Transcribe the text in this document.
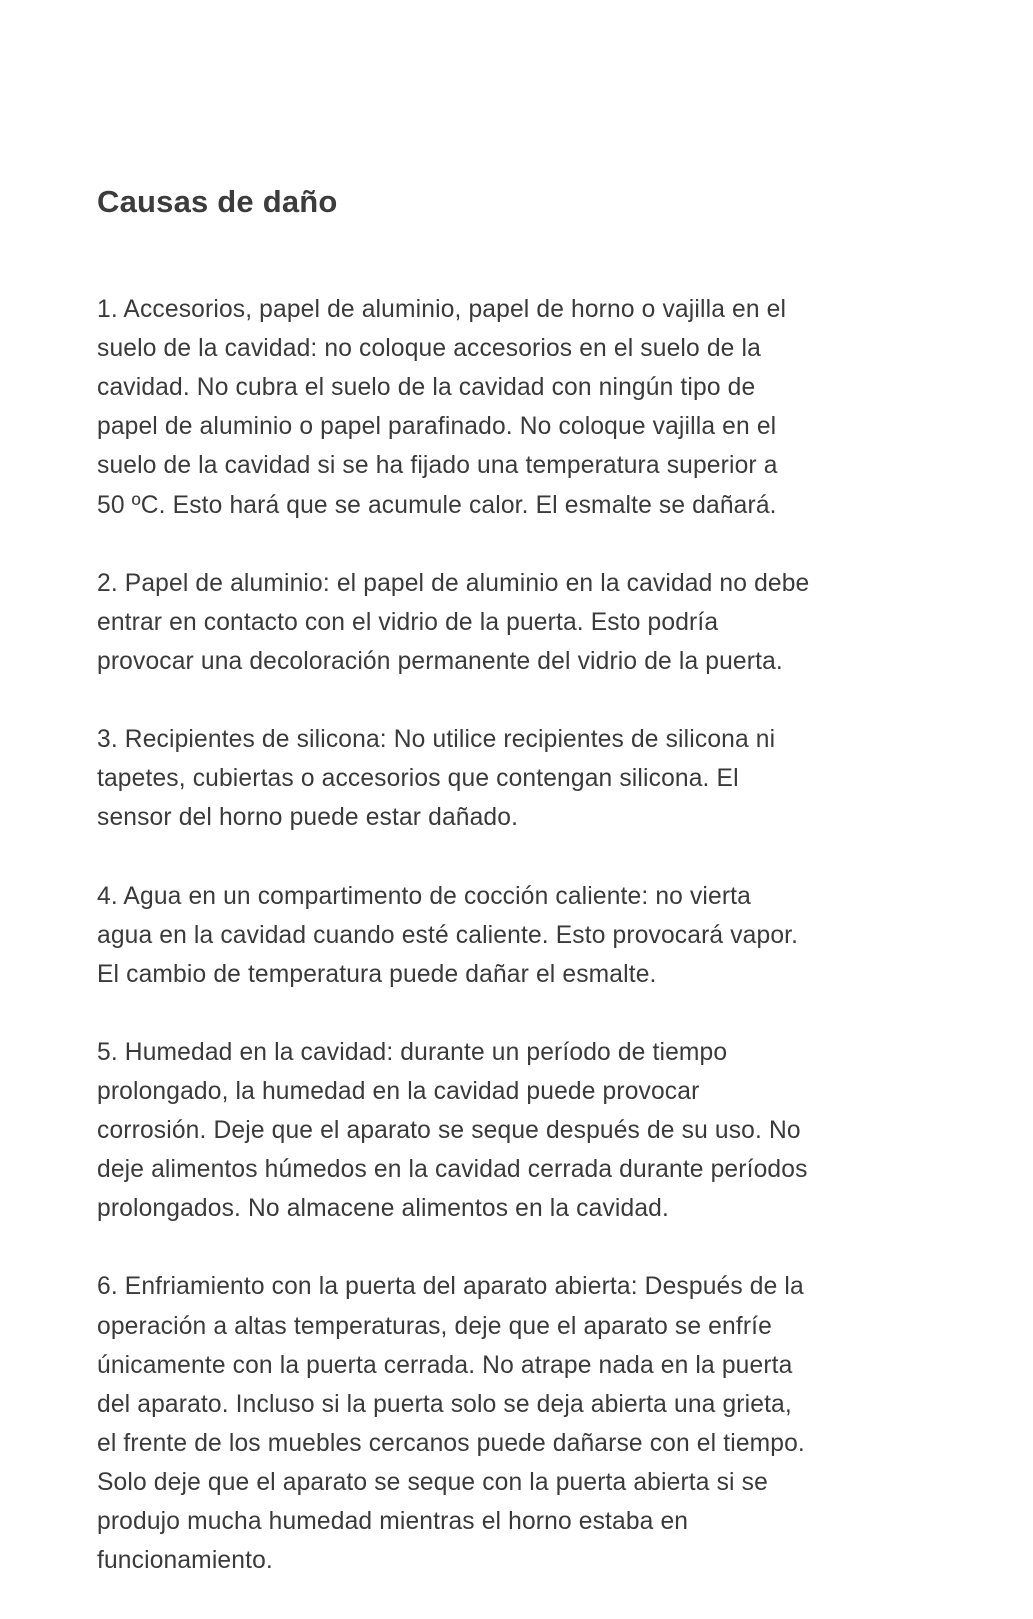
Causas de daño

1. Accesorios, papel de aluminio, papel de horno o vajilla en el
suelo de la cavidad: no coloque accesorios en el suelo de la
cavidad. No cubra el suelo de la cavidad con ningún tipo de
papel de aluminio o papel parafinado. No coloque vajilla en el
suelo de la cavidad si se ha fijado una temperatura superior a
50 ºC. Esto hará que se acumule calor. El esmalte se dañará.

2. Papel de aluminio: el papel de aluminio en la cavidad no debe
entrar en contacto con el vidrio de la puerta. Esto podría
provocar una decoloración permanente del vidrio de la puerta.

3. Recipientes de silicona: No utilice recipientes de silicona ni
tapetes, cubiertas o accesorios que contengan silicona. El
sensor del horno puede estar dañado.

4. Agua en un compartimento de cocción caliente: no vierta
agua en la cavidad cuando esté caliente. Esto provocará vapor.
El cambio de temperatura puede dañar el esmalte.

5. Humedad en la cavidad: durante un período de tiempo
prolongado, la humedad en la cavidad puede provocar
corrosión. Deje que el aparato se seque después de su uso. No
deje alimentos húmedos en la cavidad cerrada durante períodos
prolongados. No almacene alimentos en la cavidad.

6. Enfriamiento con la puerta del aparato abierta: Después de la
operación a altas temperaturas, deje que el aparato se enfríe
únicamente con la puerta cerrada. No atrape nada en la puerta
del aparato. Incluso si la puerta solo se deja abierta una grieta,
el frente de los muebles cercanos puede dañarse con el tiempo.
Solo deje que el aparato se seque con la puerta abierta si se
produjo mucha humedad mientras el horno estaba en
funcionamiento.
